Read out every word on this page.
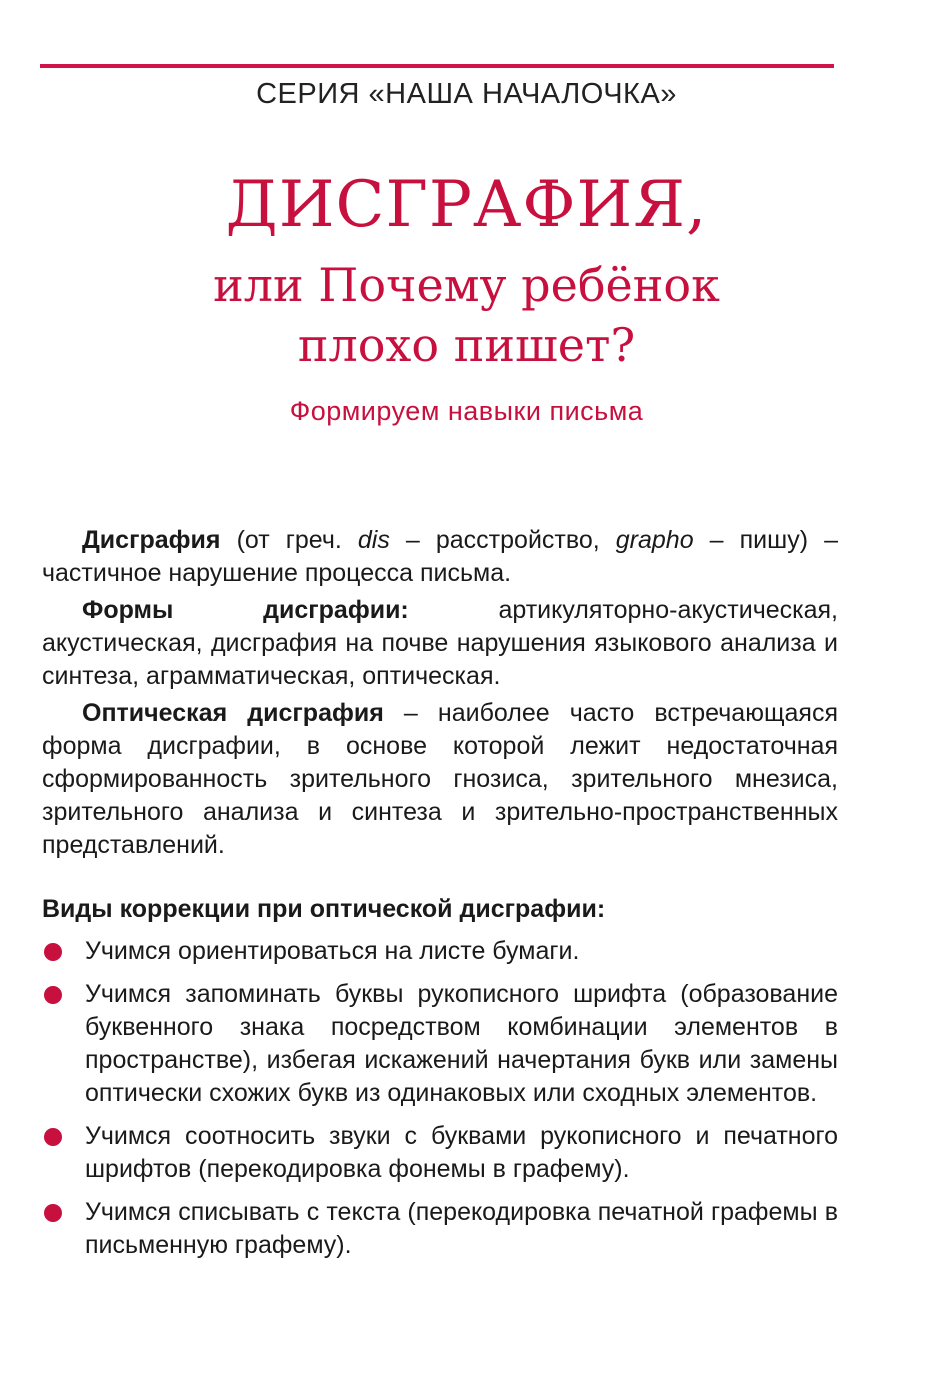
СЕРИЯ «НАША НАЧАЛОЧКА»
ДИСГРАФИЯ,
или Почему ребёнок
плохо пишет?
Формируем навыки письма

Дисграфия (от греч. dis – расстройство, grapho – пишу) – частичное нарушение процесса письма.

Формы дисграфии: артикуляторно-акустическая, акустическая, дисграфия на почве нарушения языкового анализа и синтеза, аграмматическая, оптическая.

Оптическая дисграфия – наиболее часто встречающаяся форма дисграфии, в основе которой лежит недостаточная сформированность зрительного гнозиса, зрительного мнезиса, зрительного анализа и синтеза и зрительно-пространственных представлений.

Виды коррекции при оптической дисграфии:
Учимся ориентироваться на листе бумаги.
Учимся запоминать буквы рукописного шрифта (образование буквенного знака посредством комбинации элементов в пространстве), избегая искажений начертания букв или замены оптически схожих букв из одинаковых или сходных элементов.
Учимся соотносить звуки с буквами рукописного и печатного шрифтов (перекодировка фонемы в графему).
Учимся списывать с текста (перекодировка печатной графемы в письменную графему).
